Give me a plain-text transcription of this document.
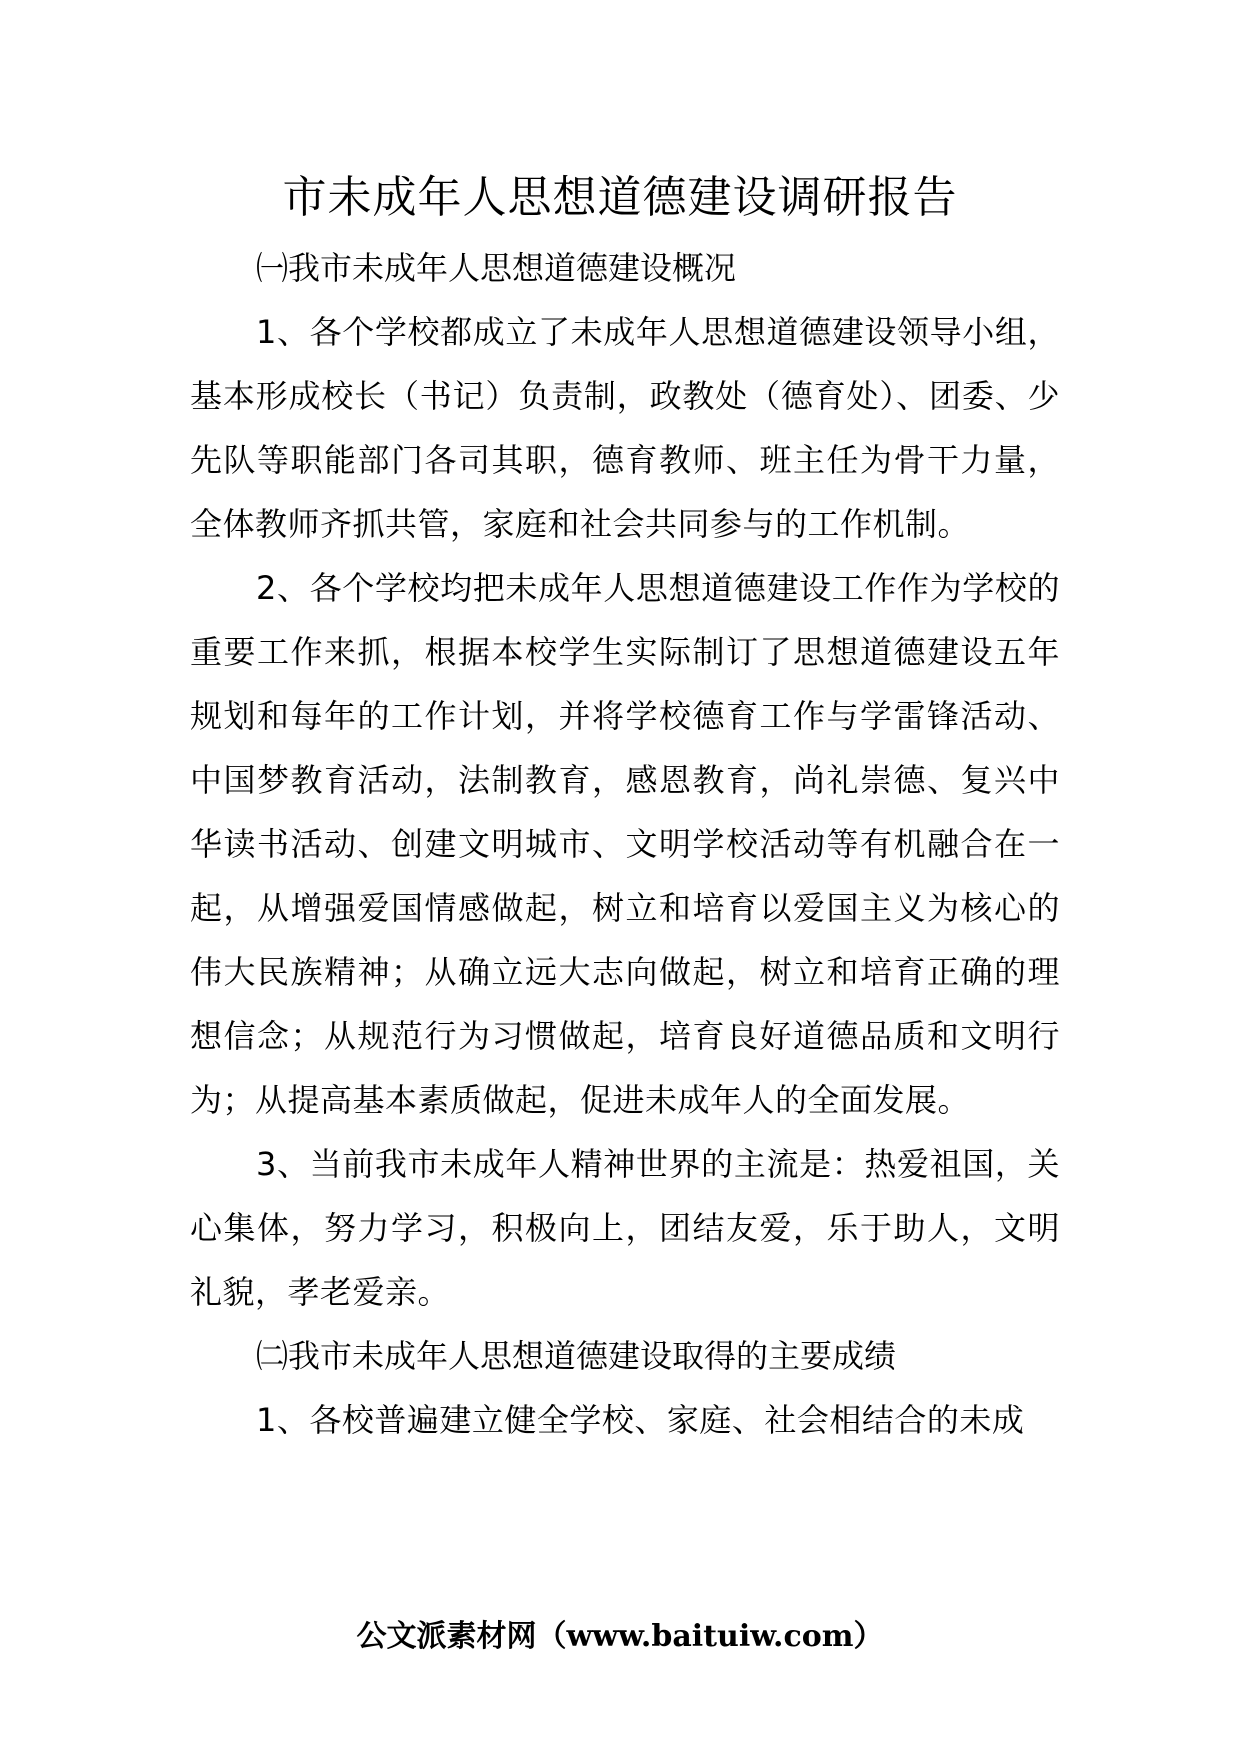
市未成年人思想道德建设调研报告

㈠我市未成年人思想道德建设概况

1、各个学校都成立了未成年人思想道德建设领导小组，基本形成校长（书记）负责制，政教处（德育处）、团委、少先队等职能部门各司其职，德育教师、班主任为骨干力量，全体教师齐抓共管，家庭和社会共同参与的工作机制。

2、各个学校均把未成年人思想道德建设工作作为学校的重要工作来抓，根据本校学生实际制订了思想道德建设五年规划和每年的工作计划，并将学校德育工作与学雷锋活动、中国梦教育活动，法制教育，感恩教育，尚礼崇德、复兴中华读书活动、创建文明城市、文明学校活动等有机融合在一起，从增强爱国情感做起，树立和培育以爱国主义为核心的伟大民族精神；从确立远大志向做起，树立和培育正确的理想信念；从规范行为习惯做起，培育良好道德品质和文明行为；从提高基本素质做起，促进未成年人的全面发展。

3、当前我市未成年人精神世界的主流是：热爱祖国，关心集体，努力学习，积极向上，团结友爱，乐于助人，文明礼貌，孝老爱亲。

㈡我市未成年人思想道德建设取得的主要成绩

1、各校普遍建立健全学校、家庭、社会相结合的未成

公文派素材网（www.baituiw.com）
